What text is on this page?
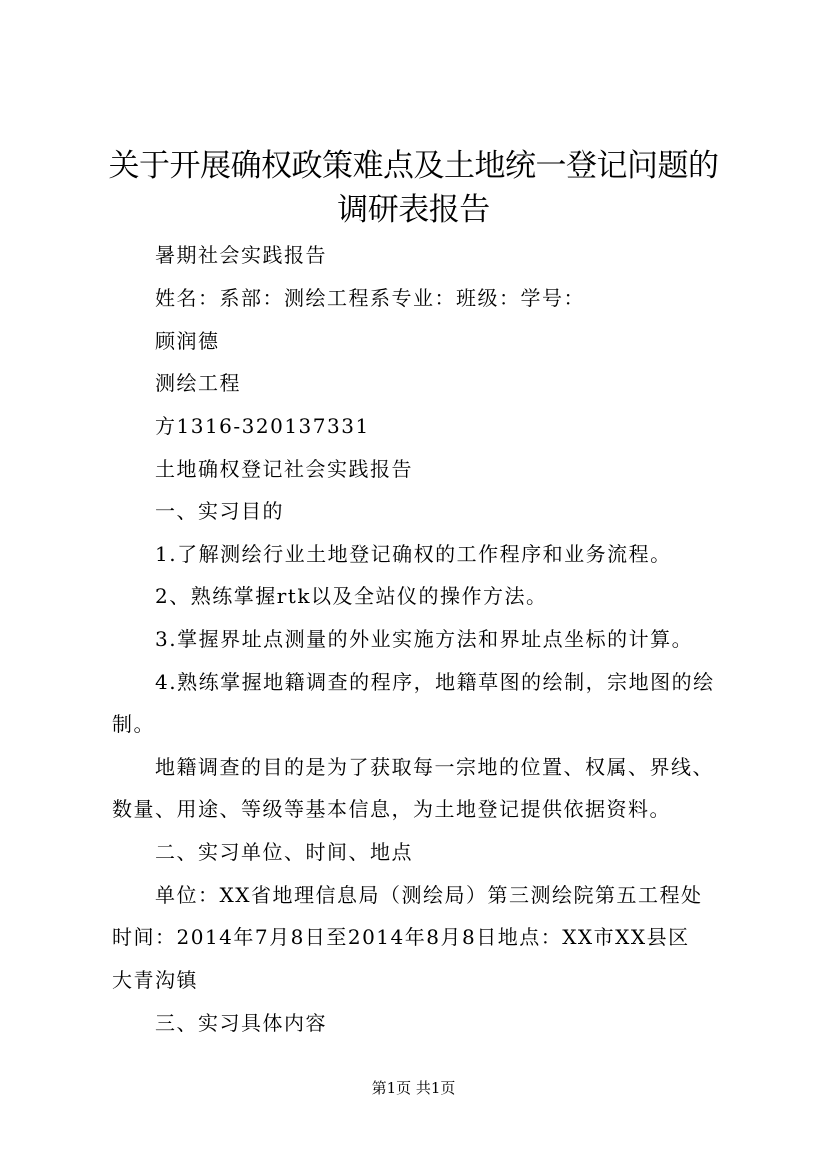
关于开展确权政策难点及土地统一登记问题的
调研表报告
暑期社会实践报告
姓名：系部：测绘工程系专业：班级：学号：
顾润德
测绘工程
方1316-320137331
土地确权登记社会实践报告
一、实习目的
1.了解测绘行业土地登记确权的工作程序和业务流程。
2、熟练掌握rtk以及全站仪的操作方法。
3.掌握界址点测量的外业实施方法和界址点坐标的计算。
4.熟练掌握地籍调查的程序，地籍草图的绘制，宗地图的绘
制。
地籍调查的目的是为了获取每一宗地的位置、权属、界线、
数量、用途、等级等基本信息，为土地登记提供依据资料。
二、实习单位、时间、地点
单位：XX省地理信息局（测绘局）第三测绘院第五工程处
时间：2014年7月8日至2014年8月8日地点：XX市XX县区
大青沟镇
三、实习具体内容
第1页 共1页
